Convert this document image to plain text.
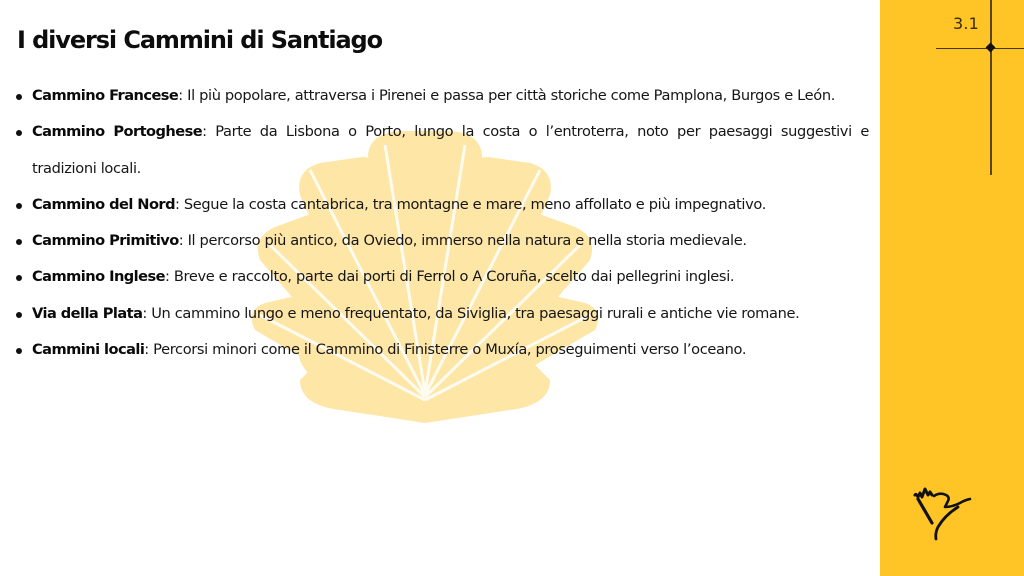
I diversi Cammini di Santiago
Cammino Francese: Il più popolare, attraversa i Pirenei e passa per città storiche come Pamplona, Burgos e León.
Cammino Portoghese: Parte da Lisbona o Porto, lungo la costa o l’entroterra, noto per paesaggi suggestivi e tradizioni locali.
Cammino del Nord: Segue la costa cantabrica, tra montagne e mare, meno affollato e più impegnativo.
Cammino Primitivo: Il percorso più antico, da Oviedo, immerso nella natura e nella storia medievale.
Cammino Inglese: Breve e raccolto, parte dai porti di Ferrol o A Coruña, scelto dai pellegrini inglesi.
Via della Plata: Un cammino lungo e meno frequentato, da Siviglia, tra paesaggi rurali e antiche vie romane.
Cammini locali: Percorsi minori come il Cammino di Finisterre o Muxía, proseguimenti verso l’oceano.
3.1
